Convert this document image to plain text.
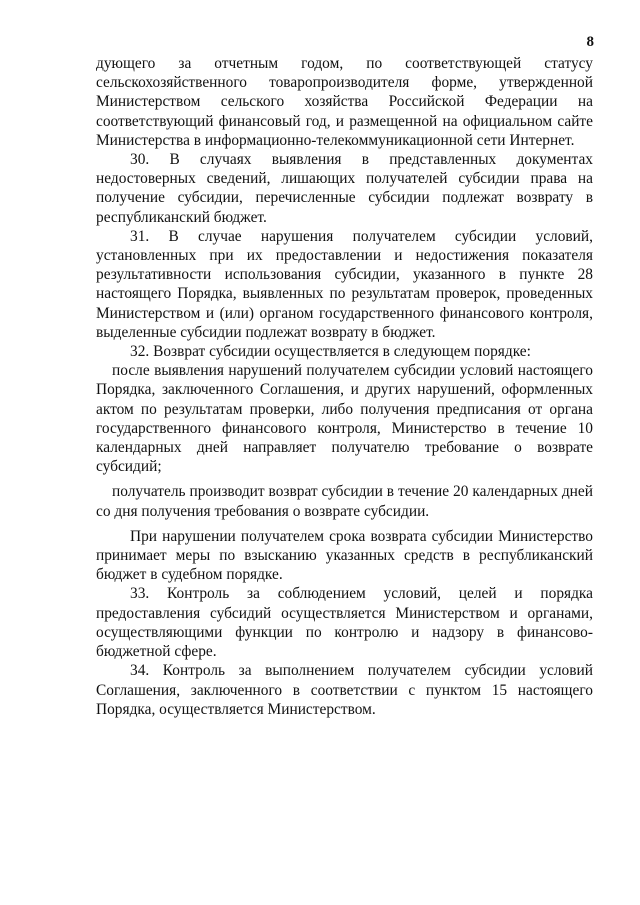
8

дующего за отчетным годом, по соответствующей статусу сельскохозяйственного товаропроизводителя форме, утвержденной Министерством сельского хозяйства Российской Федерации на соответствующий финансовый год, и размещенной на официальном сайте Министерства в информационно-телекоммуникационной сети Интернет.

30. В случаях выявления в представленных документах недостоверных сведений, лишающих получателей субсидии права на получение субсидии, перечисленные субсидии подлежат возврату в республиканский бюджет.

31. В случае нарушения получателем субсидии условий, установленных при их предоставлении и недостижения показателя результативности использования субсидии, указанного в пункте 28 настоящего Порядка, выявленных по результатам проверок, проведенных Министерством и (или) органом государственного финансового контроля, выделенные субсидии подлежат возврату в бюджет.

32. Возврат субсидии осуществляется в следующем порядке:

после выявления нарушений получателем субсидии условий настоящего Порядка, заключенного Соглашения, и других нарушений, оформленных актом по результатам проверки, либо получения предписания от органа государственного финансового контроля, Министерство в течение 10 календарных дней направляет получателю требование о возврате субсидий;

получатель производит возврат субсидии в течение 20 календарных дней со дня получения требования о возврате субсидии.

При нарушении получателем срока возврата субсидии Министерство принимает меры по взысканию указанных средств в республиканский бюджет в судебном порядке.

33. Контроль за соблюдением условий, целей и порядка предоставления субсидий осуществляется Министерством и органами, осуществляющими функции по контролю и надзору в финансово-бюджетной сфере.

34. Контроль за выполнением получателем субсидии условий Соглашения, заключенного в соответствии с пунктом 15 настоящего Порядка, осуществляется Министерством.
